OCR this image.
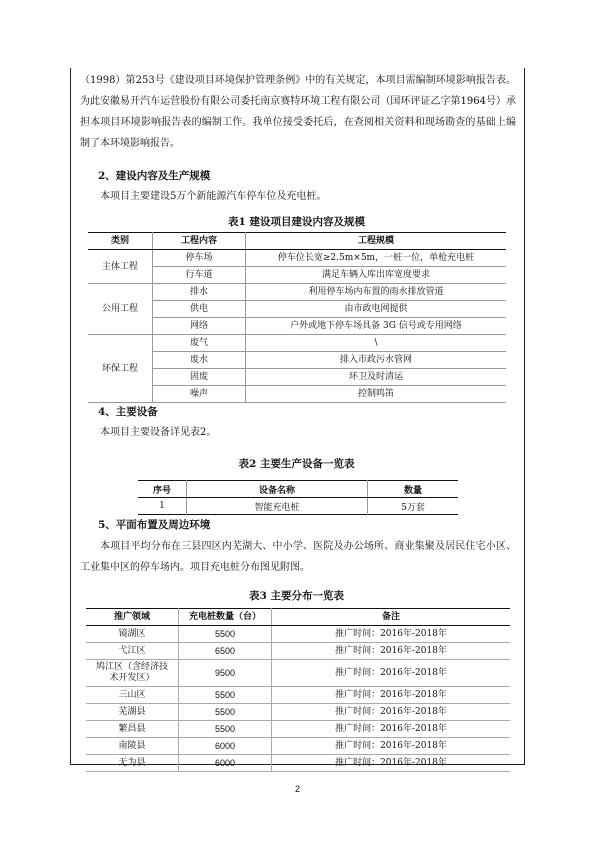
（1998）第253号《建设项目环境保护管理条例》中的有关规定，本项目需编制环境影响报告表。为此安徽易开汽车运营股份有限公司委托南京赛特环境工程有限公司（国环评证乙字第1964号）承担本项目环境影响报告表的编制工作。我单位接受委托后，在查阅相关资料和现场勘查的基础上编制了本环境影响报告。

2、建设内容及生产规模

本项目主要建设5万个新能源汽车停车位及充电桩。

表1 建设项目建设内容及规模

类别	工程内容	工程规模
主体工程	停车场	停车位长宽≥2.5m×5m，一桩一位，单枪充电桩
	行车道	满足车辆入库出库宽度要求
公用工程	排水	利用停车场内布置的雨水排放管道
	供电	由市政电网提供
	网络	户外或地下停车场具备 3G 信号或专用网络
环保工程	废气	\
	废水	排入市政污水管网
	固废	环卫及时清运
	噪声	控制鸣笛

4、主要设备

本项目主要设备详见表2。

表2 主要生产设备一览表

序号	设备名称	数量
1	智能充电桩	5万套

5、平面布置及周边环境

本项目平均分布在三县四区内芜湖大、中小学、医院及办公场所、商业集聚及居民住宅小区、工业集中区的停车场内。项目充电桩分布图见附图。

表3 主要分布一览表

推广领域	充电桩数量（台）	备注
镜湖区	5500	推广时间：2016年-2018年
弋江区	6500	推广时间：2016年-2018年
鸠江区（含经济技术开发区）	9500	推广时间：2016年-2018年
三山区	5500	推广时间：2016年-2018年
芜湖县	5500	推广时间：2016年-2018年
繁昌县	5500	推广时间：2016年-2018年
南陵县	6000	推广时间：2016年-2018年
无为县	6000	推广时间：2016年-2018年
2
